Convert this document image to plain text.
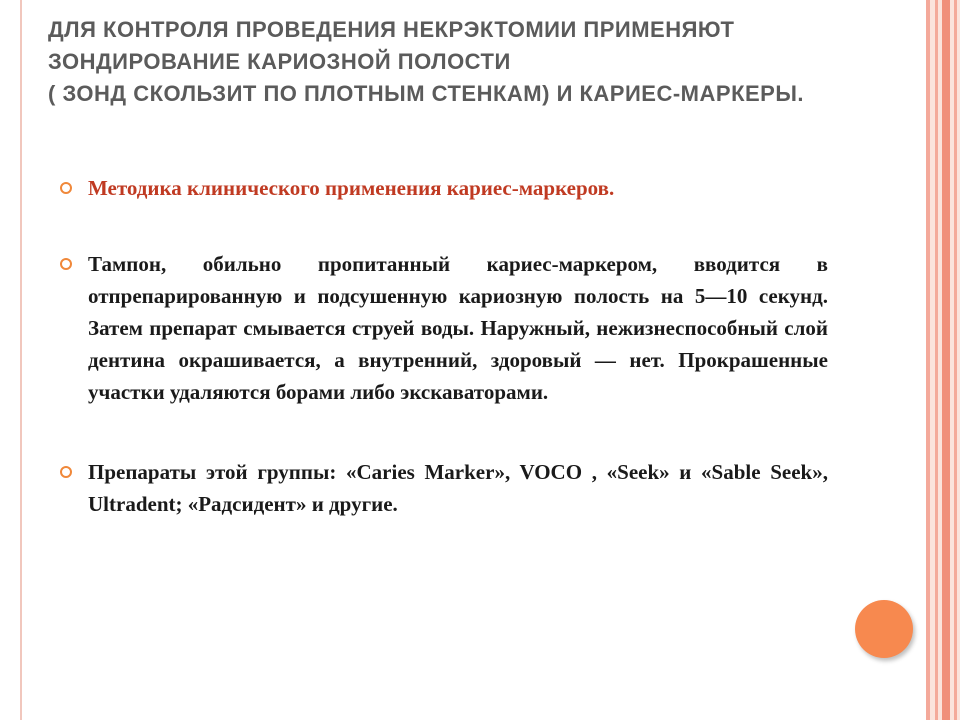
ДЛЯ КОНТРОЛЯ ПРОВЕДЕНИЯ НЕКРЭКТОМИИ ПРИМЕНЯЮТ ЗОНДИРОВАНИЕ КАРИОЗНОЙ ПОЛОСТИ
( ЗОНД СКОЛЬЗИТ ПО ПЛОТНЫМ СТЕНКАМ) И КАРИЕС-МАРКЕРЫ.
Методика клинического применения кариес-маркеров.
Тампон, обильно пропитанный кариес-маркером, вводится в отпрепарированную и подсушенную кариозную полость на 5—10 секунд. Затем препарат смывается струей воды. Наружный, нежизнеспособный слой дентина окрашивается, а внутренний, здоровый — нет. Прокрашенные участки удаляются борами либо экскаваторами.
Препараты этой группы: «Caries Marker», VOCO , «Seek» и «Sable Seek», Ultradent; «Радсидент» и другие.
